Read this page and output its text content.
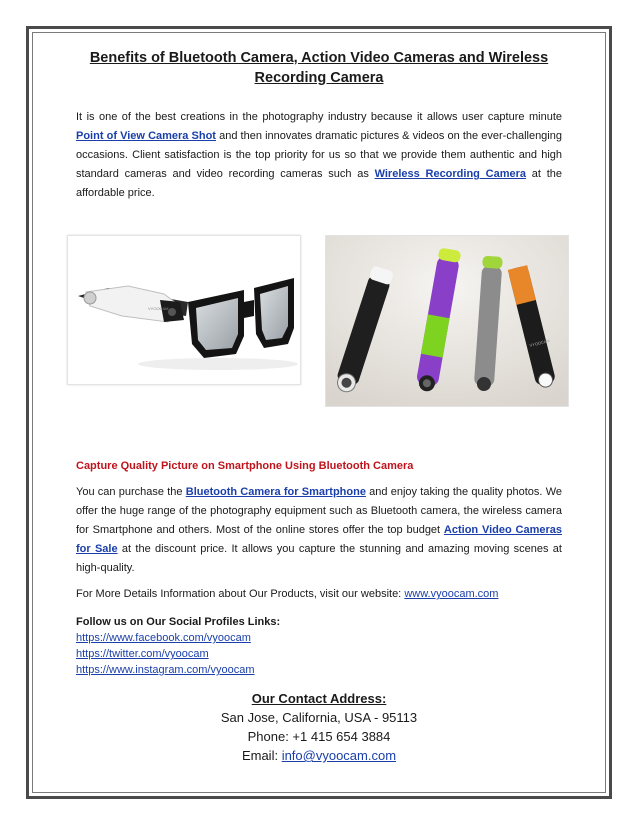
Benefits of Bluetooth Camera, Action Video Cameras and Wireless Recording Camera

It is one of the best creations in the photography industry because it allows user capture minute Point of View Camera Shot and then innovates dramatic pictures & videos on the ever-challenging occasions. Client satisfaction is the top priority for us so that we provide them authentic and high standard cameras and video recording cameras such as Wireless Recording Camera at the affordable price.

VYOOCAM
VYOOCAM

Capture Quality Picture on Smartphone Using Bluetooth Camera

You can purchase the Bluetooth Camera for Smartphone and enjoy taking the quality photos. We offer the huge range of the photography equipment such as Bluetooth camera, the wireless camera for Smartphone and others. Most of the online stores offer the top budget Action Video Cameras for Sale at the discount price. It allows you capture the stunning and amazing moving scenes at high-quality.

For More Details Information about Our Products, visit our website: www.vyoocam.com

Follow us on Our Social Profiles Links:

https://www.facebook.com/vyoocam

https://twitter.com/vyoocam

https://www.instagram.com/vyoocam

Our Contact Address:
San Jose, California, USA - 95113
Phone: +1 415 654 3884
Email: info@vyoocam.com
